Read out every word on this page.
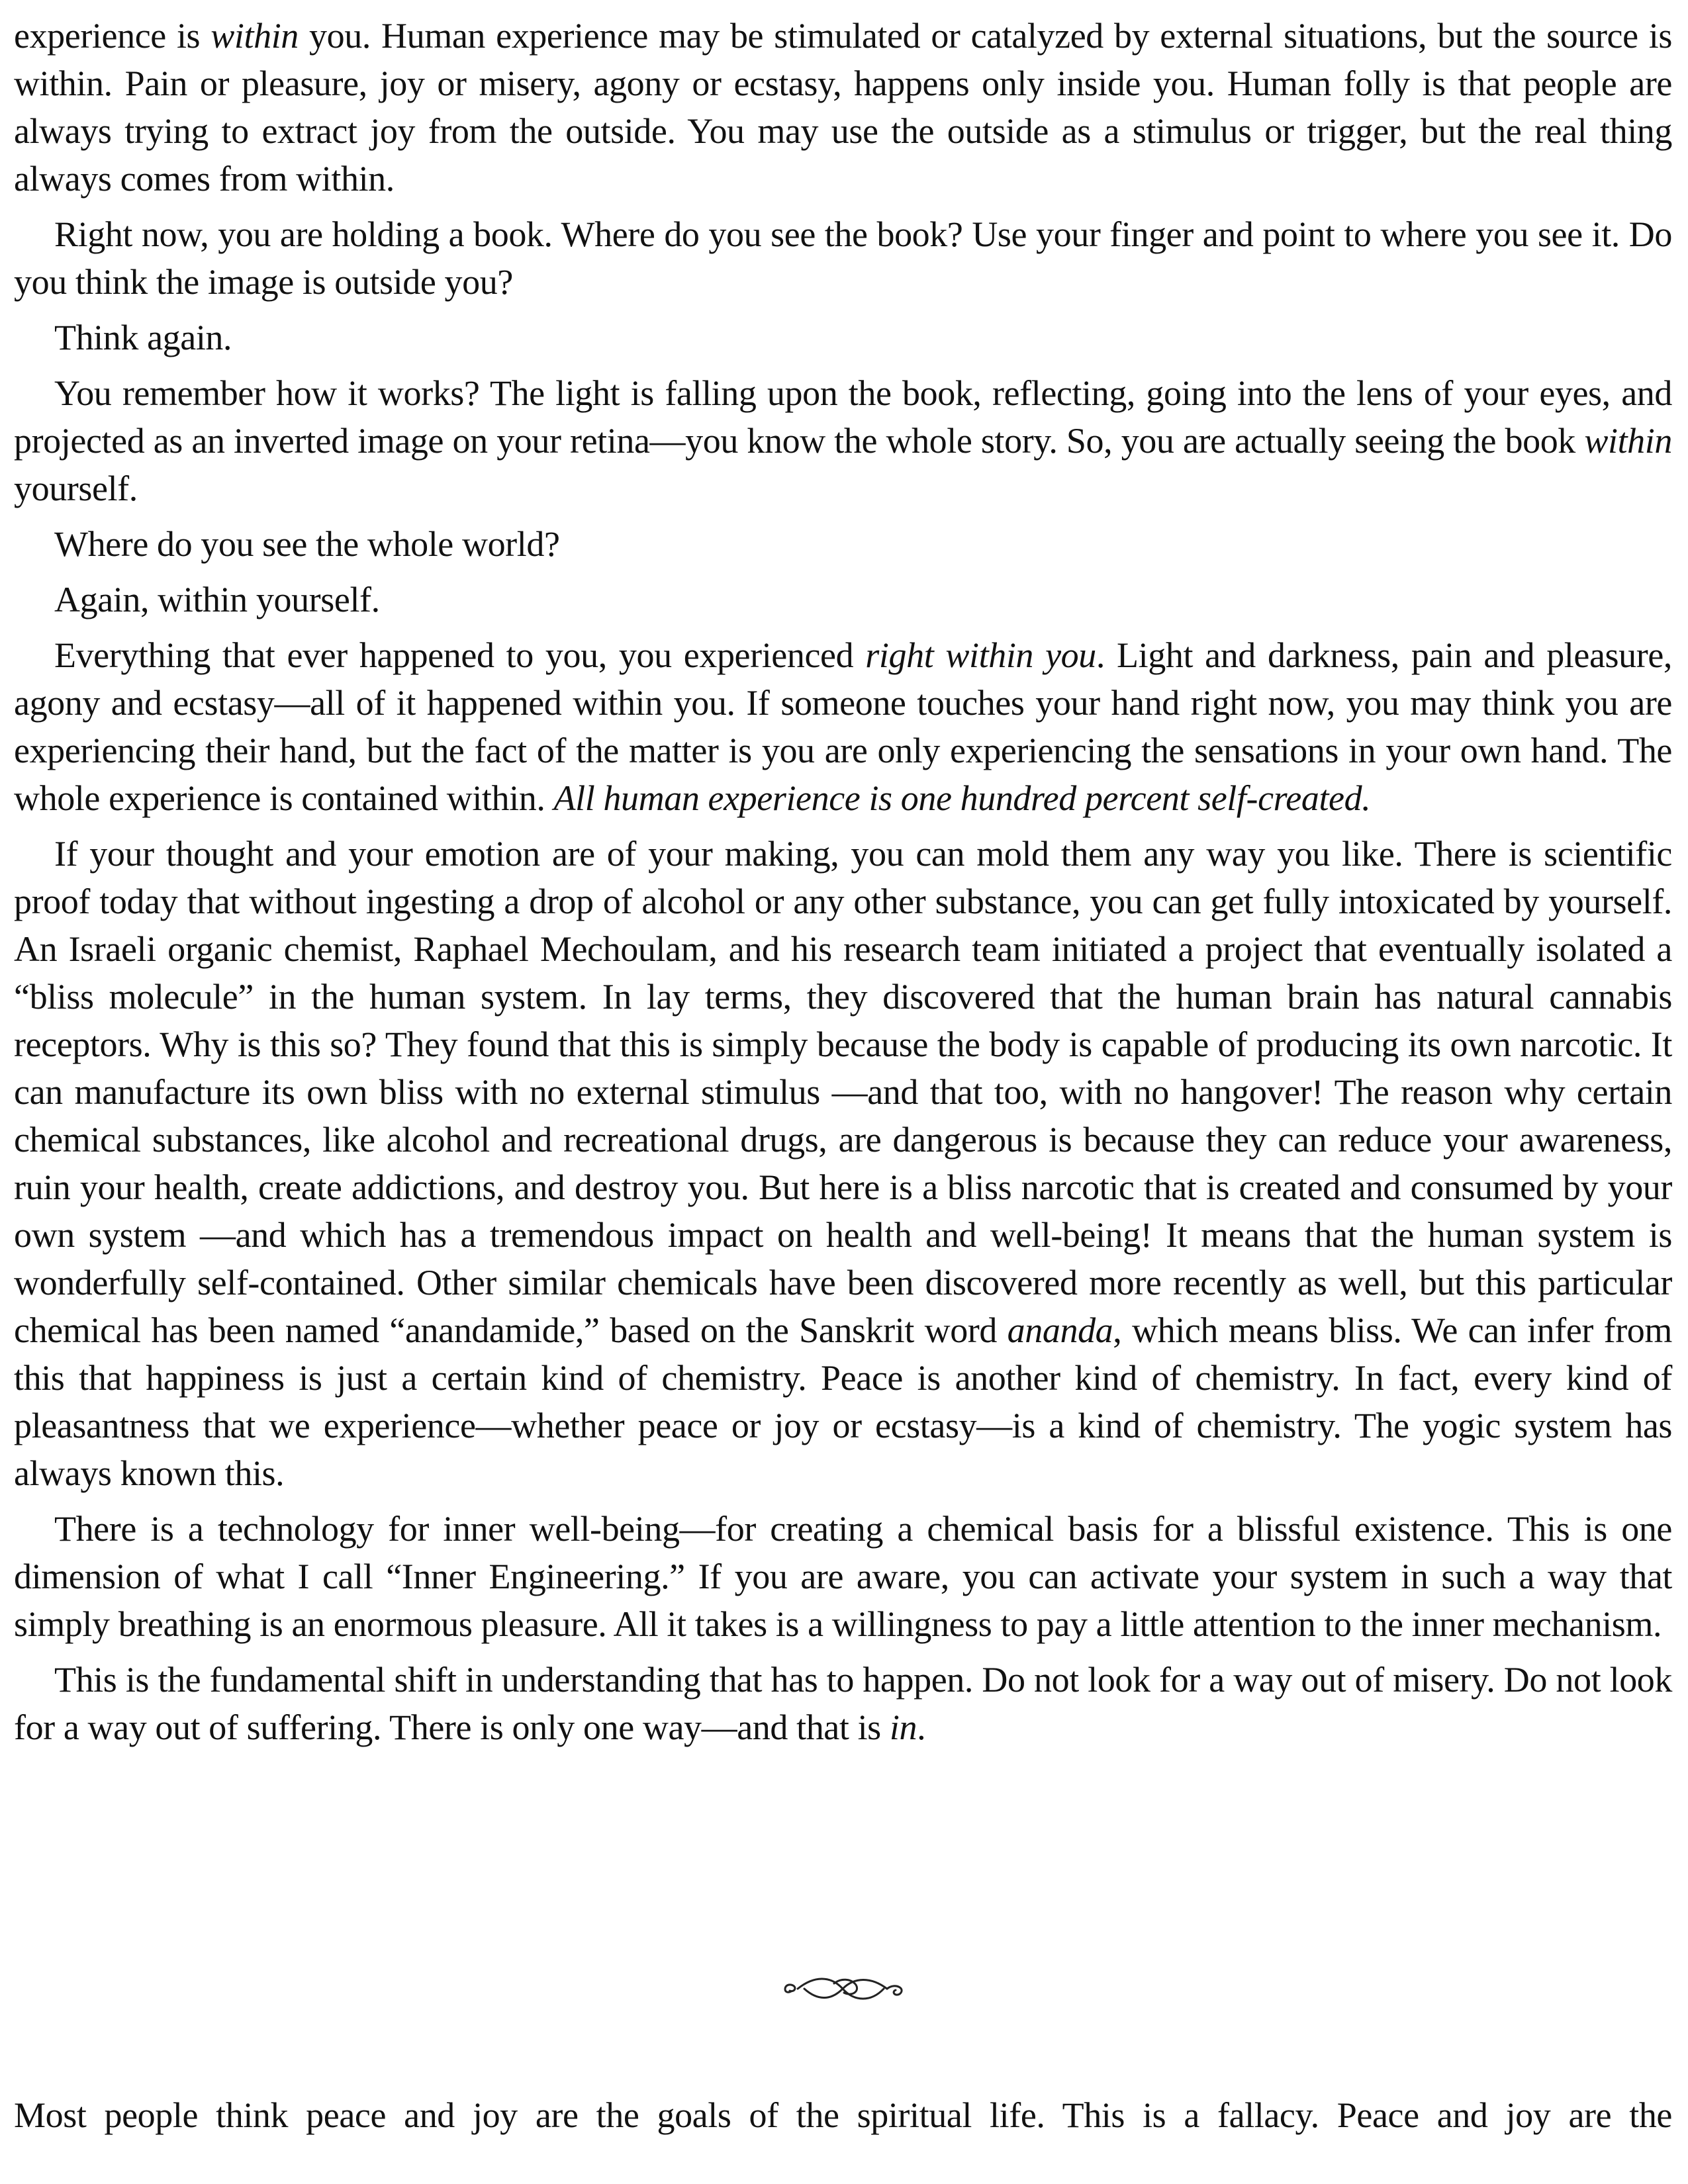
experience is within you. Human experience may be stimulated or catalyzed by external situations, but the source is within. Pain or pleasure, joy or misery, agony or ecstasy, happens only inside you. Human folly is that people are always trying to extract joy from the outside. You may use the outside as a stimulus or trigger, but the real thing always comes from within.

Right now, you are holding a book. Where do you see the book? Use your finger and point to where you see it. Do you think the image is outside you?

Think again.

You remember how it works? The light is falling upon the book, reflecting, going into the lens of your eyes, and projected as an inverted image on your retina—you know the whole story. So, you are actually seeing the book within yourself.

Where do you see the whole world?

Again, within yourself.

Everything that ever happened to you, you experienced right within you. Light and darkness, pain and pleasure, agony and ecstasy—all of it happened within you. If someone touches your hand right now, you may think you are experiencing their hand, but the fact of the matter is you are only experiencing the sensations in your own hand. The whole experience is contained within. All human experience is one hundred percent self-created.

If your thought and your emotion are of your making, you can mold them any way you like. There is scientific proof today that without ingesting a drop of alcohol or any other substance, you can get fully intoxicated by yourself. An Israeli organic chemist, Raphael Mechoulam, and his research team initiated a project that eventually isolated a “bliss molecule” in the human system. In lay terms, they discovered that the human brain has natural cannabis receptors. Why is this so? They found that this is simply because the body is capable of producing its own narcotic. It can manufacture its own bliss with no external stimulus —and that too, with no hangover! The reason why certain chemical substances, like alcohol and recreational drugs, are dangerous is because they can reduce your awareness, ruin your health, create addictions, and destroy you. But here is a bliss narcotic that is created and consumed by your own system —and which has a tremendous impact on health and well-being! It means that the human system is wonderfully self-contained. Other similar chemicals have been discovered more recently as well, but this particular chemical has been named “anandamide,” based on the Sanskrit word ananda, which means bliss. We can infer from this that happiness is just a certain kind of chemistry. Peace is another kind of chemistry. In fact, every kind of pleasantness that we experience—whether peace or joy or ecstasy—is a kind of chemistry. The yogic system has always known this.

There is a technology for inner well-being—for creating a chemical basis for a blissful existence. This is one dimension of what I call “Inner Engineering.” If you are aware, you can activate your system in such a way that simply breathing is an enormous pleasure. All it takes is a willingness to pay a little attention to the inner mechanism.

This is the fundamental shift in understanding that has to happen. Do not look for a way out of misery. Do not look for a way out of suffering. There is only one way—and that is in.

Most people think peace and joy are the goals of the spiritual life. This is a fallacy. Peace and joy are the
